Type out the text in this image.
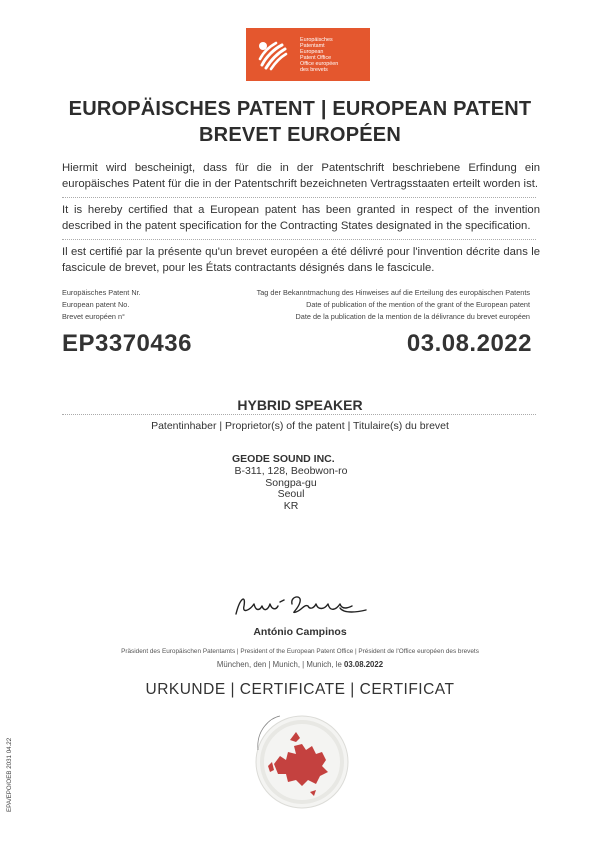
Europäisches
Patentamt
European
Patent Office
Office européen
des brevets
EUROPÄISCHES PATENT | EUROPEAN PATENT
BREVET EUROPÉEN
Hiermit wird bescheinigt, dass für die in der Patentschrift beschriebene Erfindung ein europäisches Patent für die in der Patentschrift bezeichneten Vertragsstaaten erteilt worden ist.
It is hereby certified that a European patent has been granted in respect of the invention described in the patent specification for the Contracting States designated in the specification.
Il est certifié par la présente qu'un brevet européen a été délivré pour l'invention décrite dans le fascicule de brevet, pour les États contractants désignés dans le fascicule.
Europäisches Patent Nr.
European patent No.
Brevet européen n°
Tag der Bekanntmachung des Hinweises auf die Erteilung des europäischen Patents
Date of publication of the mention of the grant of the European patent
Date de la publication de la mention de la délivrance du brevet européen
EP3370436	03.08.2022
HYBRID SPEAKER
Patentinhaber | Proprietor(s) of the patent | Titulaire(s) du brevet
GEODE SOUND INC.
B-311, 128, Beobwon-ro
Songpa-gu
Seoul
KR
António Campinos
Präsident des Europäischen Patentamts | President of the European Patent Office | Président de l'Office européen des brevets
München, den | Munich, | Munich, le 03.08.2022
URKUNDE | CERTIFICATE | CERTIFICAT
EPA/EPO/OEB 2031 04.22
